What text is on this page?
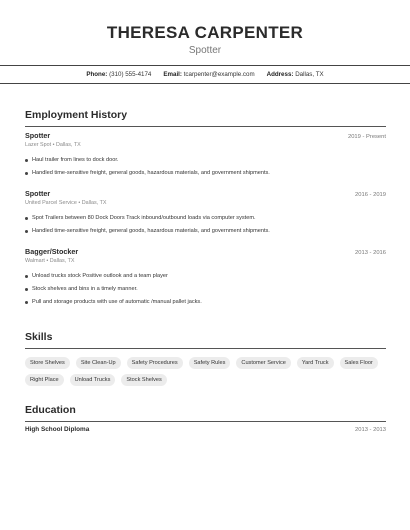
THERESA CARPENTER
Spotter
Phone: (310) 555-4174 Email: tcarpenter@example.com Address: Dallas, TX
Employment History
Spotter	2019 - Present
Lazer Spot • Dallas, TX
Haul trailer from lines to dock door.
Handled time-sensitive freight, general goods, hazardous materials, and government shipments.
Spotter	2016 - 2019
United Parcel Service • Dallas, TX
Spot Trailers between 80 Dock Doors Track inbound/outbound loads via computer system.
Handled time-sensitive freight, general goods, hazardous materials, and government shipments.
Bagger/Stocker	2013 - 2016
Walmart • Dallas, TX
Unload trucks stock Positive outlook and a team player
Stock shelves and bins in a timely manner.
Pull and storage products with use of automatic /manual pallet jacks.
Skills
Store Shelves	Site Clean-Up	Safety Procedures	Safety Rules	Customer Service	Yard Truck	Sales Floor
Right Place	Unload Trucks	Stock Shelves
Education
High School Diploma	2013 - 2013
